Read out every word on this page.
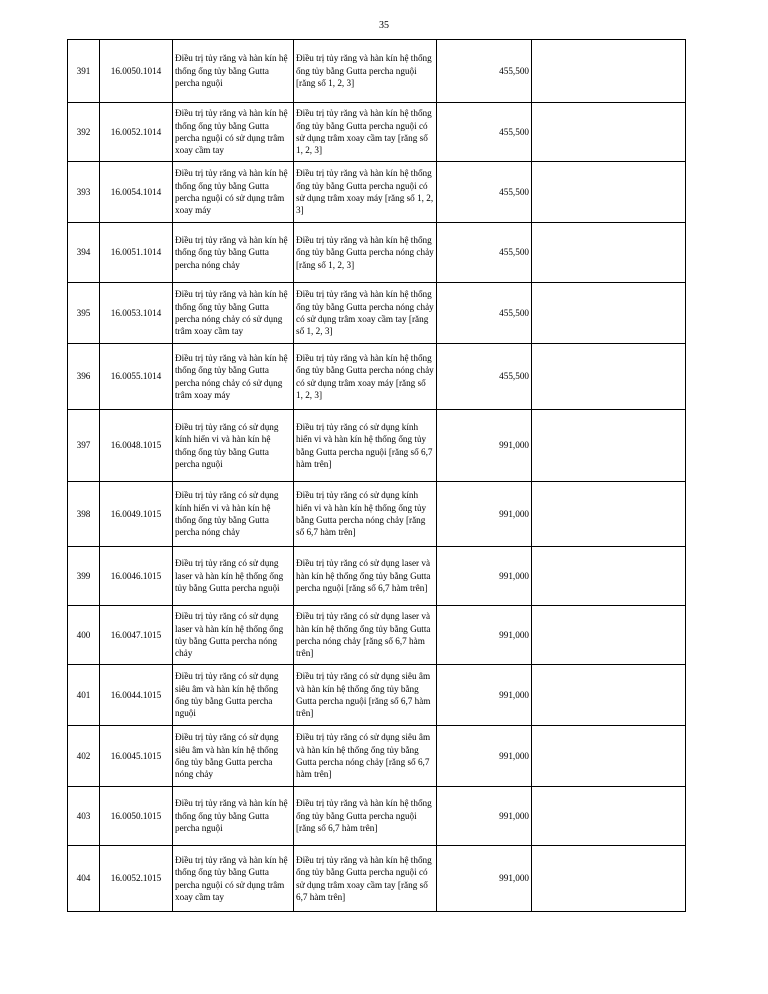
35
391	16.0050.1014	Điều trị tủy răng và hàn kín hệ thống ống tủy bằng Gutta percha nguội	Điều trị tủy răng và hàn kín hệ thống ống tủy bằng Gutta percha nguội [răng số 1, 2, 3]	455,500	
392	16.0052.1014	Điều trị tủy răng và hàn kín hệ thống ống tủy bằng Gutta percha nguội có sử dụng trâm xoay cầm tay	Điều trị tủy răng và hàn kín hệ thống ống tủy bằng Gutta percha nguội có sử dụng trâm xoay cầm tay [răng số 1, 2, 3]	455,500	
393	16.0054.1014	Điều trị tủy răng và hàn kín hệ thống ống tủy bằng Gutta percha nguội có sử dụng trâm xoay máy	Điều trị tủy răng và hàn kín hệ thống ống tủy bằng Gutta percha nguội có sử dụng trâm xoay máy [răng số 1, 2, 3]	455,500	
394	16.0051.1014	Điều trị tủy răng và hàn kín hệ thống ống tủy bằng Gutta percha nóng chảy	Điều trị tủy răng và hàn kín hệ thống ống tủy bằng Gutta percha nóng chảy [răng số 1, 2, 3]	455,500	
395	16.0053.1014	Điều trị tủy răng và hàn kín hệ thống ống tủy bằng Gutta percha nóng chảy có sử dụng trâm xoay cầm tay	Điều trị tủy răng và hàn kín hệ thống ống tủy bằng Gutta percha nóng chảy có sử dụng trâm xoay cầm tay [răng số 1, 2, 3]	455,500	
396	16.0055.1014	Điều trị tủy răng và hàn kín hệ thống ống tủy bằng Gutta percha nóng chảy có sử dụng trâm xoay máy	Điều trị tủy răng và hàn kín hệ thống ống tủy bằng Gutta percha nóng chảy có sử dụng trâm xoay máy [răng số 1, 2, 3]	455,500	
397	16.0048.1015	Điều trị tủy răng có sử dụng kính hiển vi và hàn kín hệ thống ống tủy bằng Gutta percha nguội	Điều trị tủy răng có sử dụng kính hiển vi và hàn kín hệ thống ống tủy bằng Gutta percha nguội [răng số 6,7 hàm trên]	991,000	
398	16.0049.1015	Điều trị tủy răng có sử dụng kính hiển vi và hàn kín hệ thống ống tủy bằng Gutta percha nóng chảy	Điều trị tủy răng có sử dụng kính hiển vi và hàn kín hệ thống ống tủy bằng Gutta percha nóng chảy [răng số 6,7 hàm trên]	991,000	
399	16.0046.1015	Điều trị tủy răng có sử dụng laser và hàn kín hệ thống ống tủy bằng Gutta percha nguội	Điều trị tủy răng có sử dụng laser và hàn kín hệ thống ống tủy bằng Gutta percha nguội [răng số 6,7 hàm trên]	991,000	
400	16.0047.1015	Điều trị tủy răng có sử dụng laser và hàn kín hệ thống ống tủy bằng Gutta percha nóng chảy	Điều trị tủy răng có sử dụng laser và hàn kín hệ thống ống tủy bằng Gutta percha nóng chảy [răng số 6,7 hàm trên]	991,000	
401	16.0044.1015	Điều trị tủy răng có sử dụng siêu âm và hàn kín hệ thống ống tủy bằng Gutta percha nguội	Điều trị tủy răng có sử dụng siêu âm và hàn kín hệ thống ống tủy bằng Gutta percha nguội [răng số 6,7 hàm trên]	991,000	
402	16.0045.1015	Điều trị tủy răng có sử dụng siêu âm và hàn kín hệ thống ống tủy bằng Gutta percha nóng chảy	Điều trị tủy răng có sử dụng siêu âm và hàn kín hệ thống ống tủy bằng Gutta percha nóng chảy [răng số 6,7 hàm trên]	991,000	
403	16.0050.1015	Điều trị tủy răng và hàn kín hệ thống ống tủy bằng Gutta percha nguội	Điều trị tủy răng và hàn kín hệ thống ống tủy bằng Gutta percha nguội [răng số 6,7 hàm trên]	991,000	
404	16.0052.1015	Điều trị tủy răng và hàn kín hệ thống ống tủy bằng Gutta percha nguội có sử dụng trâm xoay cầm tay	Điều trị tủy răng và hàn kín hệ thống ống tủy bằng Gutta percha nguội có sử dụng trâm xoay cầm tay [răng số 6,7 hàm trên]	991,000	
